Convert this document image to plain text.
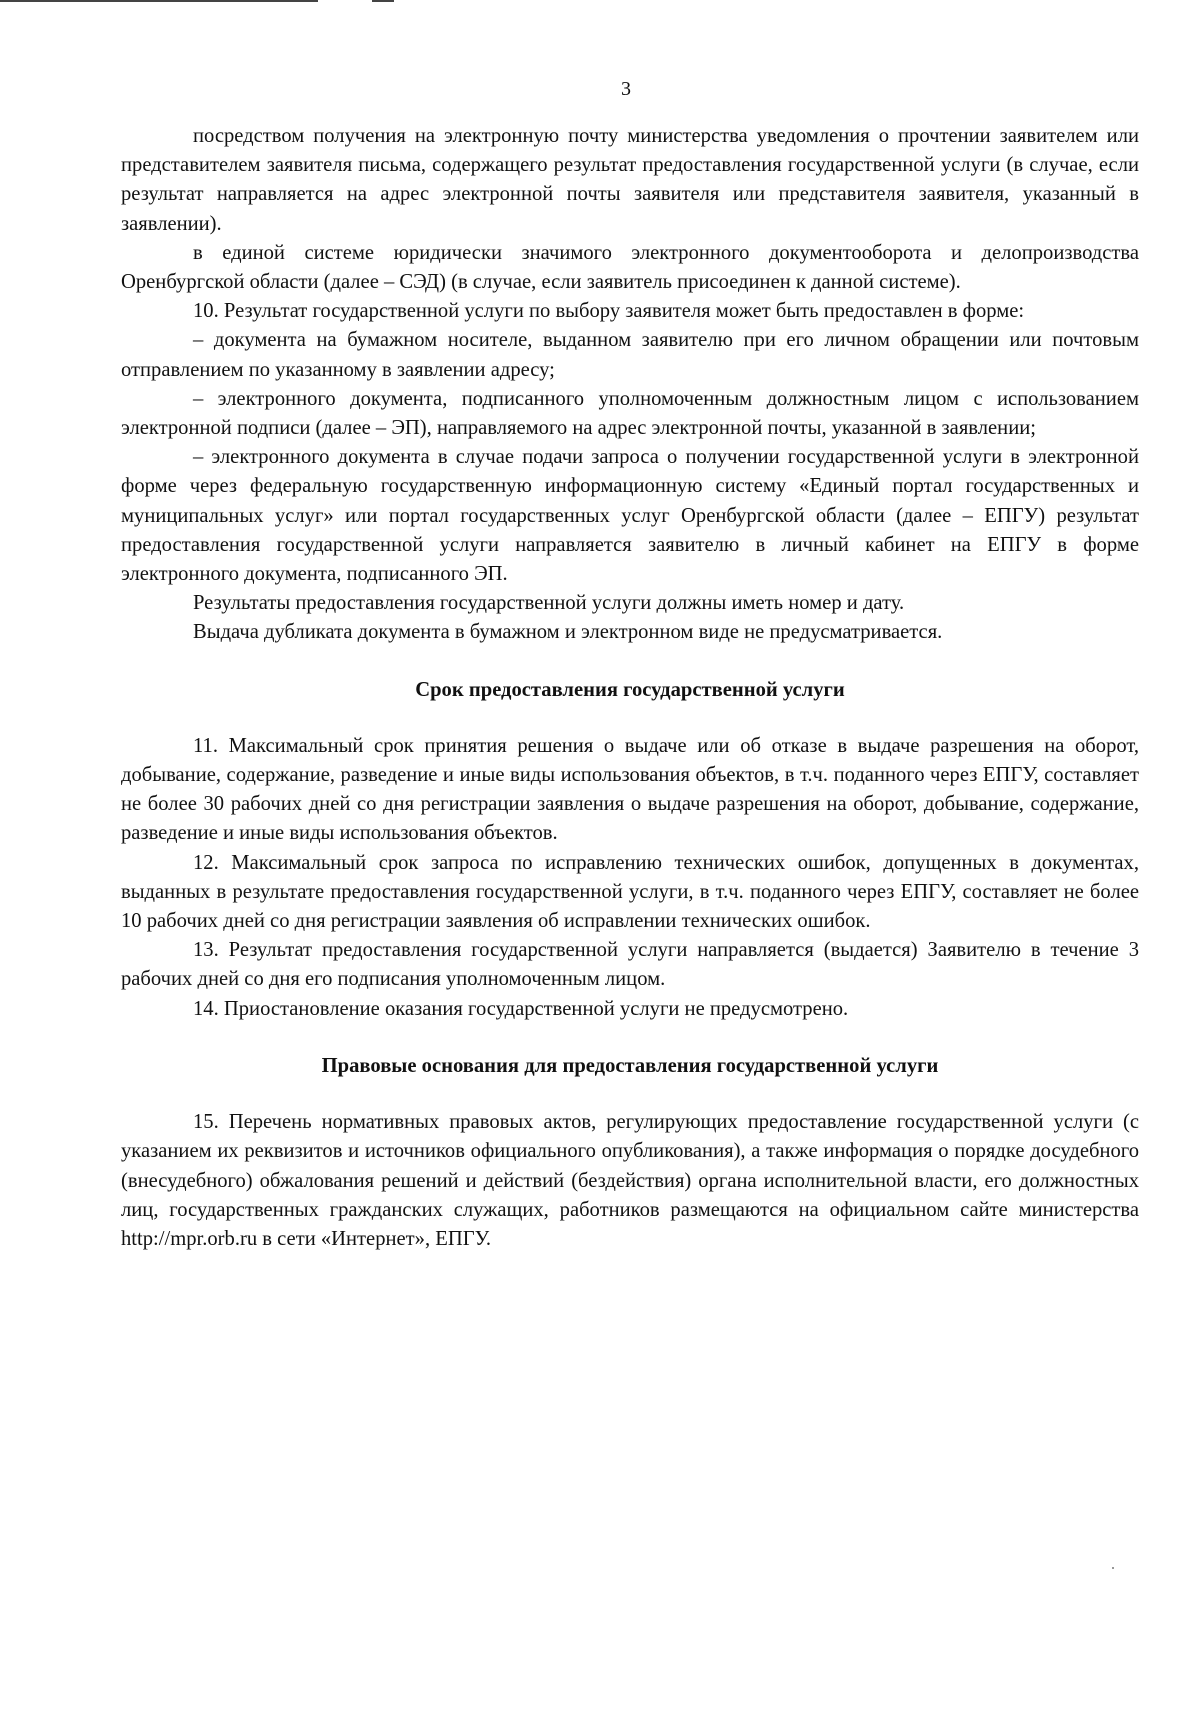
3

посредством получения на электронную почту министерства уведомления о прочтении заявителем или представителем заявителя письма, содержащего результат предоставления государственной услуги (в случае, если результат направляется на адрес электронной почты заявителя или представителя заявителя, указанный в заявлении).

в единой системе юридически значимого электронного документооборота и делопроизводства Оренбургской области (далее – СЭД) (в случае, если заявитель присоединен к данной системе).

10. Результат государственной услуги по выбору заявителя может быть предоставлен в форме:

– документа на бумажном носителе, выданном заявителю при его личном обращении или почтовым отправлением по указанному в заявлении адресу;

– электронного документа, подписанного уполномоченным должностным лицом с использованием электронной подписи (далее – ЭП), направляемого на адрес электронной почты, указанной в заявлении;

– электронного документа в случае подачи запроса о получении государственной услуги в электронной форме через федеральную государственную информационную систему «Единый портал государственных и муниципальных услуг» или портал государственных услуг Оренбургской области (далее – ЕПГУ) результат предоставления государственной услуги направляется заявителю в личный кабинет на ЕПГУ в форме электронного документа, подписанного ЭП.

Результаты предоставления государственной услуги должны иметь номер и дату.

Выдача дубликата документа в бумажном и электронном виде не предусматривается.

Срок предоставления государственной услуги

11. Максимальный срок принятия решения о выдаче или об отказе в выдаче разрешения на оборот, добывание, содержание, разведение и иные виды использования объектов, в т.ч. поданного через ЕПГУ, составляет не более 30 рабочих дней со дня регистрации заявления о выдаче разрешения на оборот, добывание, содержание, разведение и иные виды использования объектов.

12. Максимальный срок запроса по исправлению технических ошибок, допущенных в документах, выданных в результате предоставления государственной услуги, в т.ч. поданного через ЕПГУ, составляет не более 10 рабочих дней со дня регистрации заявления об исправлении технических ошибок.

13. Результат предоставления государственной услуги направляется (выдается) Заявителю в течение 3 рабочих дней со дня его подписания уполномоченным лицом.

14. Приостановление оказания государственной услуги не предусмотрено.

Правовые основания для предоставления государственной услуги

15. Перечень нормативных правовых актов, регулирующих предоставление государственной услуги (с указанием их реквизитов и источников официального опубликования), а также информация о порядке досудебного (внесудебного) обжалования решений и действий (бездействия) органа исполнительной власти, его должностных лиц, государственных гражданских служащих, работников размещаются на официальном сайте министерства http://mpr.orb.ru в сети «Интернет», ЕПГУ.
